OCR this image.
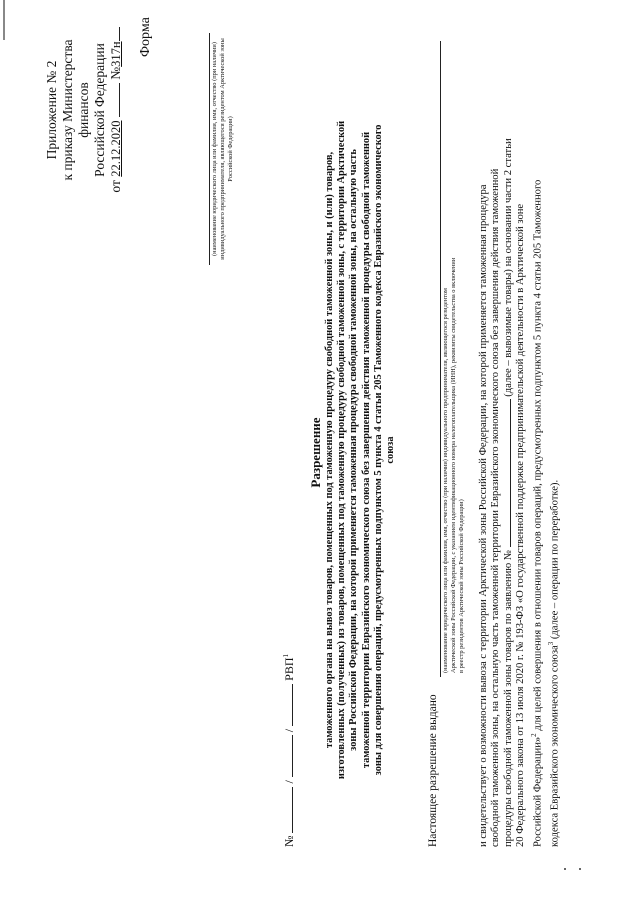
Приложение № 2 к приказу Министерства финансов Российской Федерации
от 22.12.2020  №317н Форма
(наименование юридического лица или фамилия, имя, отчество (при наличии) индивидуального предпринимателя, являющегося резидентом Арктической зоны Российской Федерации)
№  /  /  РВП$^1$
Разрешение таможенного органа на вывоз товаров, помещенных под таможенную процедуру свободной таможенной зоны, и (или) товаров, изготовленных (полученных) из товаров, помещенных под таможенную процедуру свободной таможенной зоны, с территории Арктической зоны Российской Федерации, на которой применяется таможенная процедура свободной таможенной зоны, на остальную часть таможенной территории Евразийского экономического союза без завершения действия таможенной процедуры свободной таможенной зоны для совершения операций, предусмотренных подпунктом 5 пункта 4 статьи 205 Таможенного кодекса Евразийского экономического союза
Настоящее разрешение выдано
(наименование юридического лица или фамилия, имя, отчество (при наличии) индивидуального предпринимателя, являющегося резидентом Арктической зоны Российской Федерации, с указанием идентификационного номера налогоплательщика (ИНН), реквизиты свидетельства о включении в реестр резидентов Арктической зоны Российской Федерации) и свидетельствует о возможности вывоза с территории Арктической зоны Российской Федерации, на которой применяется таможенная процедура свободной таможенной зоны, на остальную часть таможенной территории Евразийского экономического союза без завершения действия таможенной процедуры свободной таможенной зоны товаров по заявлению №  (далее – вывозимые товары) на основании части 2 статьи 20 Федерального закона от 13 июля 2020 г. № 193-ФЗ «О государственной поддержке предпринимательской деятельности в Арктической зоне Российской Федерации»$^2$ для целей совершения в отношении товаров операций, предусмотренных подпунктом 5 пункта 4 статьи 205 Таможенного
кодекса Евразийского экономического союза$^3$ (далее – операции по переработке).
